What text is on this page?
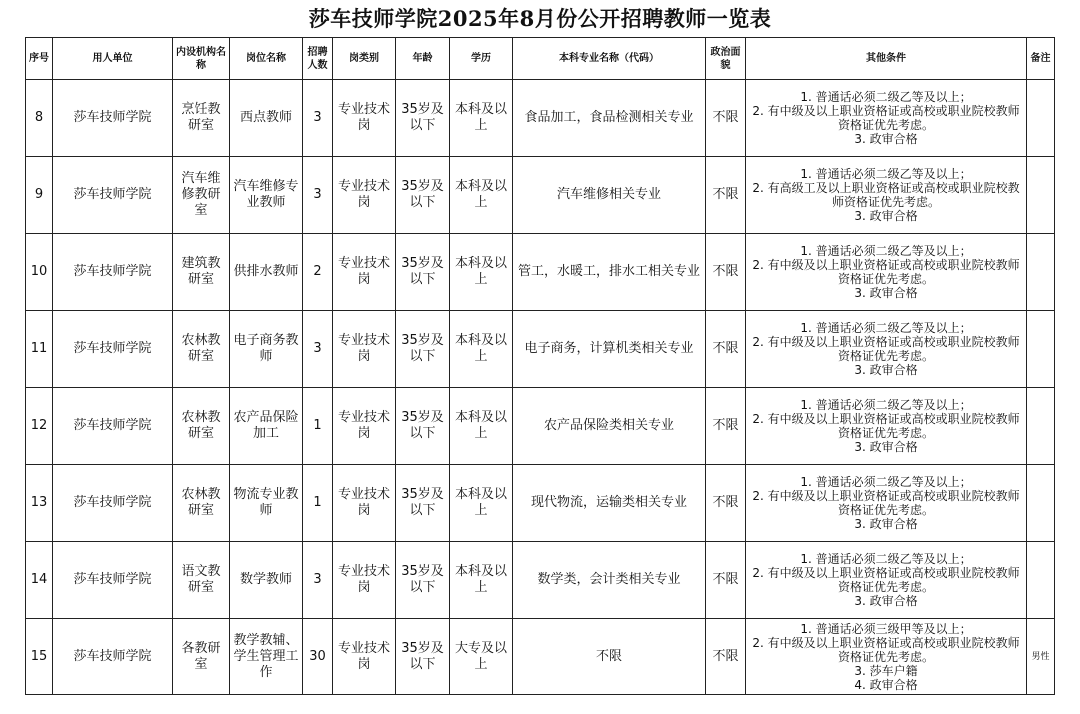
莎车技师学院2025年8月份公开招聘教师一览表
序号	用人单位	内设机构名称	岗位名称	招聘人数	岗类别	年龄	学历	本科专业名称（代码）	政治面貌	其他条件	备注
8	莎车技师学院	烹饪教研室	西点教师	3	专业技术岗	35岁及以下	本科及以上	食品加工，食品检测相关专业	不限	1. 普通话必须二级乙等及以上；
2. 有中级及以上职业资格证或高校或职业院校教师资格证优先考虑。
3. 政审合格	

9	莎车技师学院	汽车维修教研室	汽车维修专业教师	3	专业技术岗	35岁及以下	本科及以上	汽车维修相关专业	不限	1. 普通话必须二级乙等及以上；
2. 有高级工及以上职业资格证或高校或职业院校教师资格证优先考虑。
3. 政审合格	

10	莎车技师学院	建筑教研室	供排水教师	2	专业技术岗	35岁及以下	本科及以上	管工，水暖工，排水工相关专业	不限	1. 普通话必须二级乙等及以上；
2. 有中级及以上职业资格证或高校或职业院校教师资格证优先考虑。
3. 政审合格	

11	莎车技师学院	农林教研室	电子商务教师	3	专业技术岗	35岁及以下	本科及以上	电子商务，计算机类相关专业	不限	1. 普通话必须二级乙等及以上；
2. 有中级及以上职业资格证或高校或职业院校教师资格证优先考虑。
3. 政审合格	

12	莎车技师学院	农林教研室	农产品保险加工	1	专业技术岗	35岁及以下	本科及以上	农产品保险类相关专业	不限	1. 普通话必须二级乙等及以上；
2. 有中级及以上职业资格证或高校或职业院校教师资格证优先考虑。
3. 政审合格	

13	莎车技师学院	农林教研室	物流专业教师	1	专业技术岗	35岁及以下	本科及以上	现代物流，运输类相关专业	不限	1. 普通话必须二级乙等及以上；
2. 有中级及以上职业资格证或高校或职业院校教师资格证优先考虑。
3. 政审合格	

14	莎车技师学院	语文教研室	数学教师	3	专业技术岗	35岁及以下	本科及以上	数学类，会计类相关专业	不限	1. 普通话必须二级乙等及以上；
2. 有中级及以上职业资格证或高校或职业院校教师资格证优先考虑。
3. 政审合格	

15	莎车技师学院	各教研室	教学教辅、学生管理工作	30	专业技术岗	35岁及以下	大专及以上	不限	不限	1. 普通话必须三级甲等及以上；
2. 有中级及以上职业资格证或高校或职业院校教师资格证优先考虑。
3. 莎车户籍
4. 政审合格	男性
